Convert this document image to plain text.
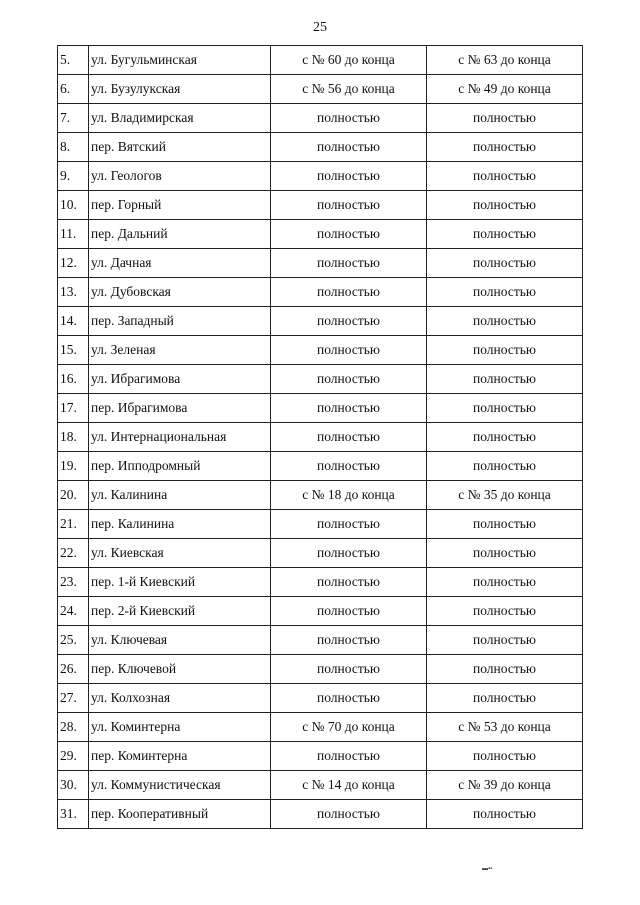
25
5.	ул. Бугульминская	с № 60 до конца	с № 63 до конца
6.	ул. Бузулукская	с № 56 до конца	с № 49 до конца
7.	ул. Владимирская	полностью	полностью
8.	пер. Вятский	полностью	полностью
9.	ул. Геологов	полностью	полностью
10.	пер. Горный	полностью	полностью
11.	пер. Дальний	полностью	полностью
12.	ул. Дачная	полностью	полностью
13.	ул. Дубовская	полностью	полностью
14.	пер. Западный	полностью	полностью
15.	ул. Зеленая	полностью	полностью
16.	ул. Ибрагимова	полностью	полностью
17.	пер. Ибрагимова	полностью	полностью
18.	ул. Интернациональная	полностью	полностью
19.	пер. Ипподромный	полностью	полностью
20.	ул. Калинина	с № 18 до конца	с № 35 до конца
21.	пер. Калинина	полностью	полностью
22.	ул. Киевская	полностью	полностью
23.	пер. 1-й Киевский	полностью	полностью
24.	пер. 2-й Киевский	полностью	полностью
25.	ул. Ключевая	полностью	полностью
26.	пер. Ключевой	полностью	полностью
27.	ул. Колхозная	полностью	полностью
28.	ул. Коминтерна	с № 70 до конца	с № 53 до конца
29.	пер. Коминтерна	полностью	полностью
30.	ул. Коммунистическая	с № 14 до конца	с № 39 до конца
31.	пер. Кооперативный	полностью	полностью
▬▪▪
